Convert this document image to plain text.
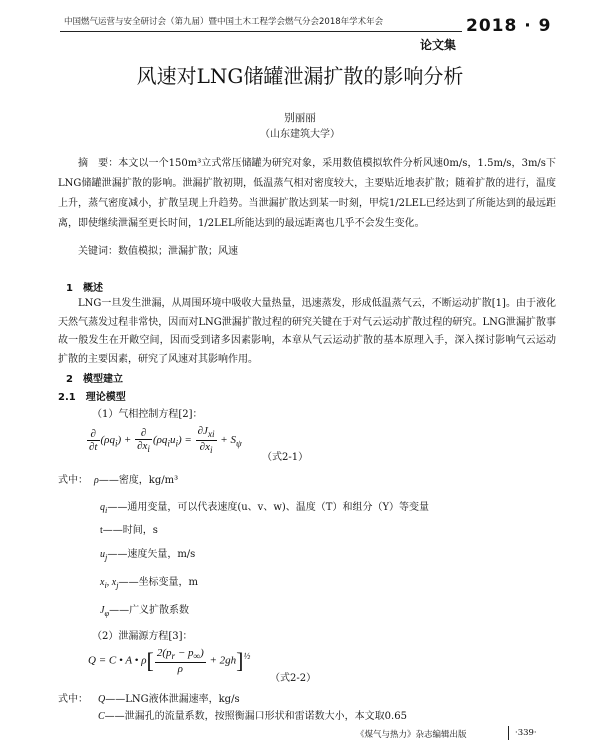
中国燃气运营与安全研讨会（第九届）暨中国土木工程学会燃气分会2018年学术年会	2018 · 9
论文集
风速对LNG储罐泄漏扩散的影响分析
别丽丽
（山东建筑大学）
摘　要：本文以一个150m³立式常压储罐为研究对象，采用数值模拟软件分析风速0m/s，1.5m/s，3m/s下LNG储罐泄漏扩散的影响。泄漏扩散初期，低温蒸气相对密度较大，主要贴近地表扩散；随着扩散的进行，温度上升，蒸气密度减小，扩散呈现上升趋势。当泄漏扩散达到某一时刻，甲烷1/2LEL已经达到了所能达到的最远距离，即使继续泄漏至更长时间，1/2LEL所能达到的最远距离也几乎不会发生变化。
关键词：数值模拟；泄漏扩散；风速
1　概述
LNG一旦发生泄漏，从周围环境中吸收大量热量，迅速蒸发，形成低温蒸气云，不断运动扩散[1]。由于液化天然气蒸发过程非常快，因而对LNG泄漏扩散过程的研究关键在于对气云运动扩散过程的研究。LNG泄漏扩散事故一般发生在开敞空间，因而受到诸多因素影响，本章从气云运动扩散的基本原理入手，深入探讨影响气云运动扩散的主要因素，研究了风速对其影响作用。
2　模型建立
2.1　理论模型
（1）气相控制方程[2]：
$\frac{\partial}{\partial t} (\rho q_i) + \frac{\partial}{\partial x_i} (\rho q_iu_i) = \frac{\partial J_{xi}}{\partial x_i} + S_\psi$
（式2-1）
式中： ρ——密度，kg/m³
$q_i——$通用变量，可以代表速度(u、v、w)、温度（T）和组分（Y）等变量
t——时间，s
$u_j——$速度矢量，m/s
$x_i$, $x_j——$坐标变量，m
$J_\varphi——$广义扩散系数
（2）泄漏源方程[3]：
Q = C • A • $\rho[ \frac{2(p_r - p_\infty)}{\rho} + 2gh]^{\frac{1}{2}}$
（式2-2）
式中： Q——LNG液体泄漏速率，kg/s
C——泄漏孔的流量系数，按照衡漏口形状和雷诺数大小，本文取0.65
《煤气与热力》杂志编辑出版	·339·
